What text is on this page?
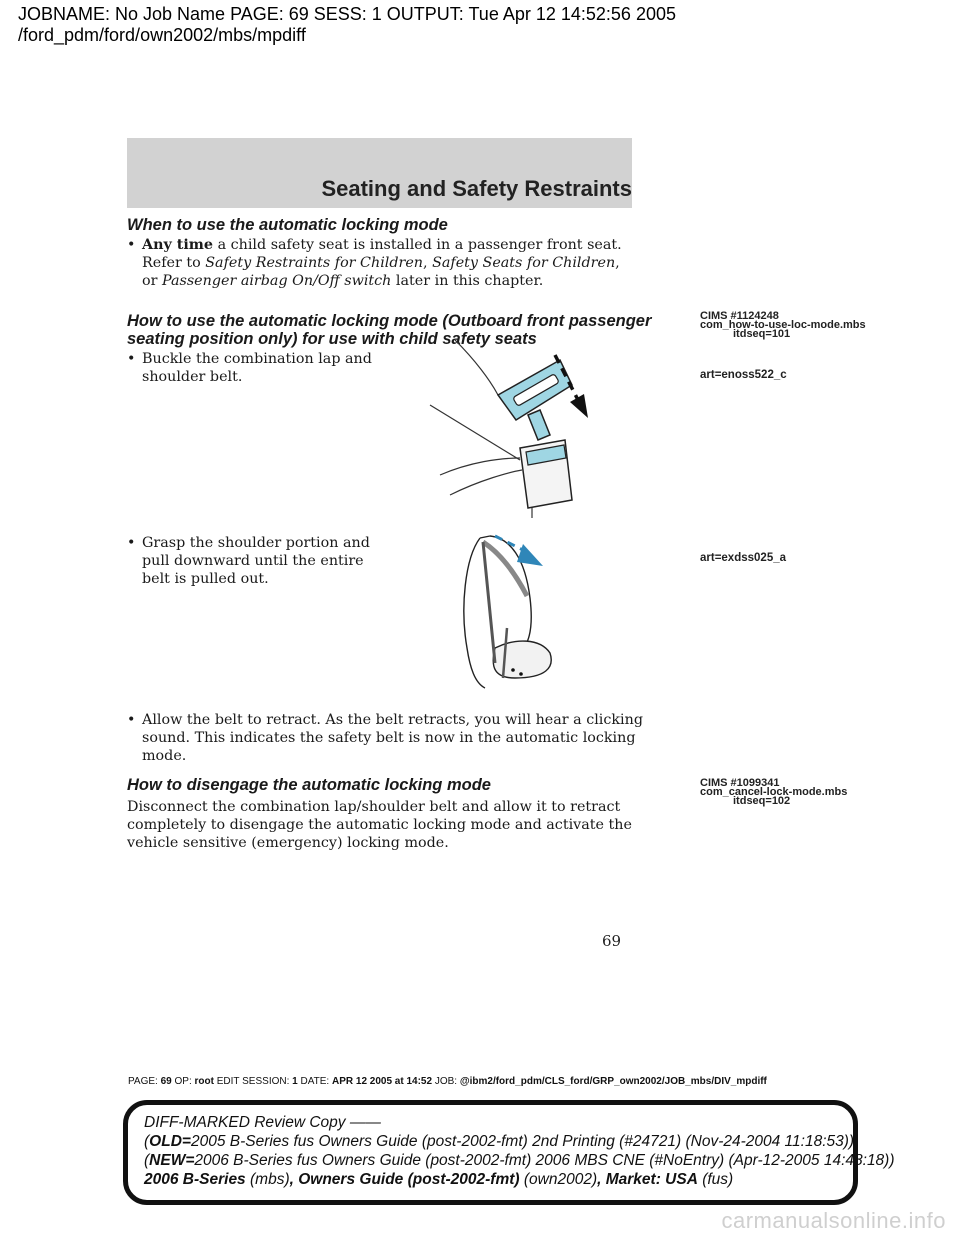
JOBNAME: No Job Name PAGE: 69 SESS: 1 OUTPUT: Tue Apr 12 14:52:56 2005
/ford_pdm/ford/own2002/mbs/mpdiff
Seating and Safety Restraints
When to use the automatic locking mode
•
Any time a child safety seat is installed in a passenger front seat.
Refer to Safety Restraints for Children, Safety Seats for Children,
or Passenger airbag On/Off switch later in this chapter.
How to use the automatic locking mode (Outboard front passenger
seating position only) for use with child safety seats
•
Buckle the combination lap and
shoulder belt.
•
Grasp the shoulder portion and
pull downward until the entire
belt is pulled out.
•
Allow the belt to retract. As the belt retracts, you will hear a clicking
sound. This indicates the safety belt is now in the automatic locking
mode.
How to disengage the automatic locking mode
Disconnect the combination lap/shoulder belt and allow it to retract
completely to disengage the automatic locking mode and activate the
vehicle sensitive (emergency) locking mode.
CIMS #1124248
com_how-to-use-loc-mode.mbs
itdseq=101
art=enoss522_c
art=exdss025_a
CIMS #1099341
com_cancel-lock-mode.mbs
itdseq=102
69
PAGE: 69 OP: root EDIT SESSION: 1 DATE: APR 12 2005 at 14:52 JOB: @ibm2/ford_pdm/CLS_ford/GRP_own2002/JOB_mbs/DIV_mpdiff
DIFF-MARKED Review Copy ——
(OLD=2005 B-Series fus Owners Guide (post-2002-fmt) 2nd Printing (#24721) (Nov-24-2004 11:18:53))
(NEW=2006 B-Series fus Owners Guide (post-2002-fmt) 2006 MBS CNE (#NoEntry) (Apr-12-2005 14:48:18))
2006 B-Series (mbs), Owners Guide (post-2002-fmt) (own2002), Market: USA (fus)
carmanualsonline.info
